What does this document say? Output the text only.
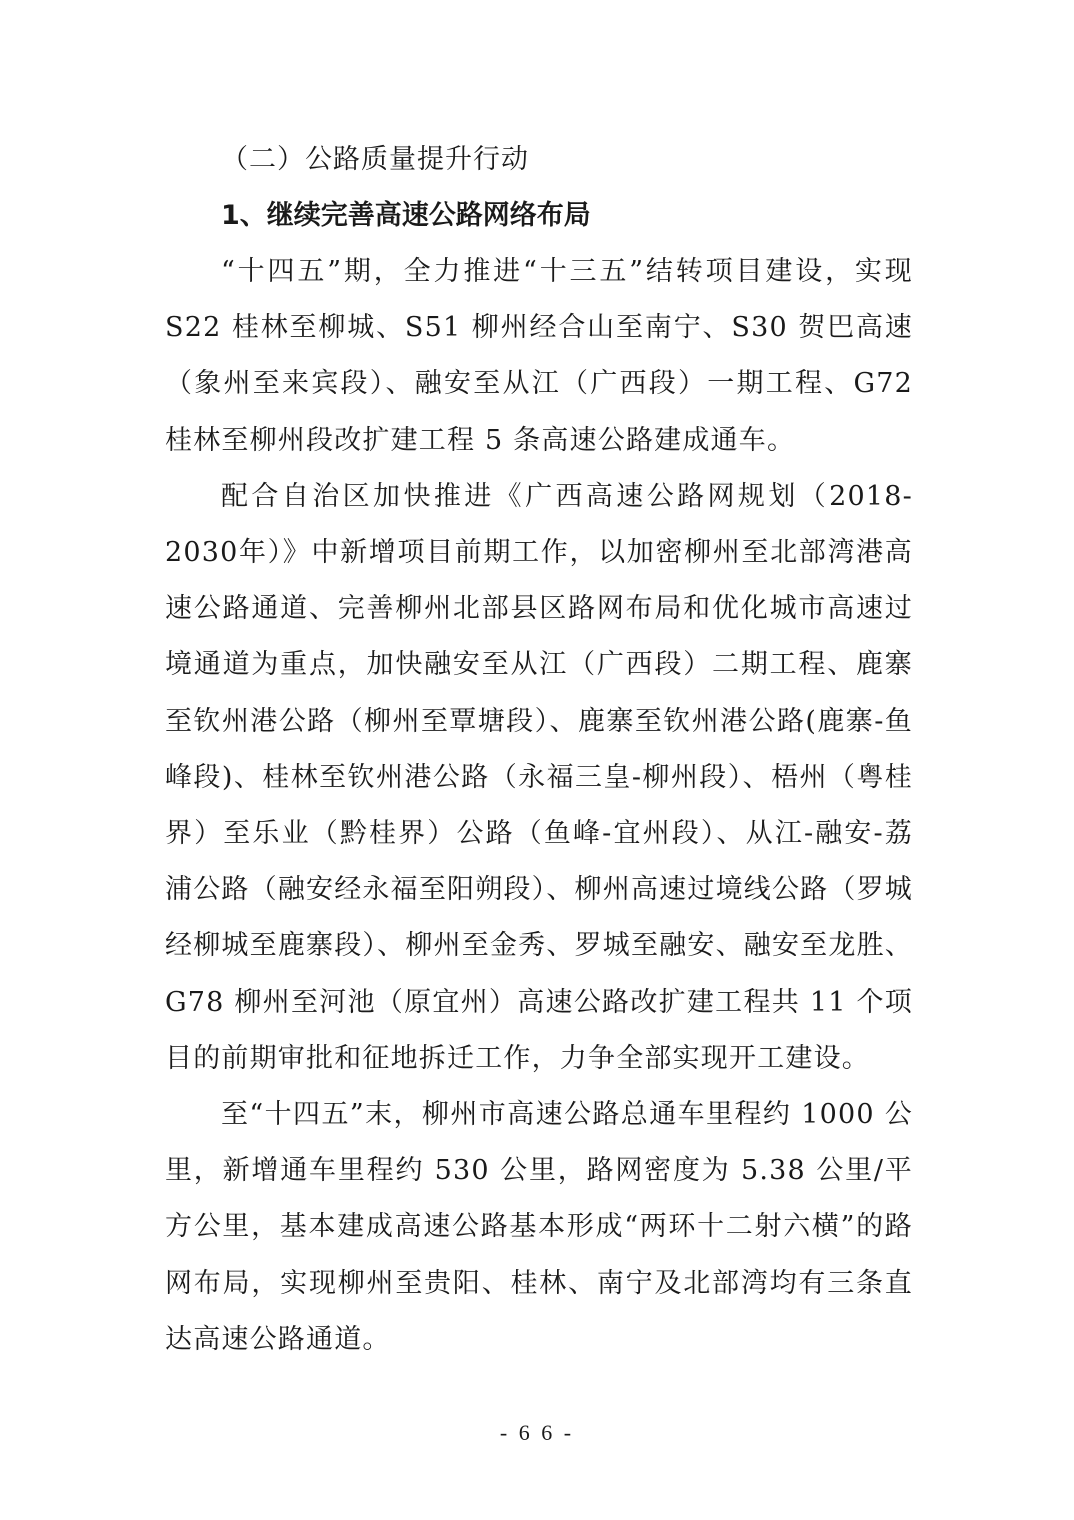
（二）公路质量提升行动

1、继续完善高速公路网络布局

“十四五”期，全力推进“十三五”结转项目建设，实现 S22 桂林至柳城、S51 柳州经合山至南宁、S30 贺巴高速（象州至来宾段）、融安至从江（广西段）一期工程、G72 桂林至柳州段改扩建工程 5 条高速公路建成通车。

配合自治区加快推进《广西高速公路网规划（2018-2030年）》中新增项目前期工作，以加密柳州至北部湾港高速公路通道、完善柳州北部县区路网布局和优化城市高速过境通道为重点，加快融安至从江（广西段）二期工程、鹿寨至钦州港公路（柳州至覃塘段）、鹿寨至钦州港公路(鹿寨-鱼峰段)、桂林至钦州港公路（永福三皇-柳州段）、梧州（粤桂界）至乐业（黔桂界）公路（鱼峰-宜州段）、从江-融安-荔浦公路（融安经永福至阳朔段）、柳州高速过境线公路（罗城经柳城至鹿寨段）、柳州至金秀、罗城至融安、融安至龙胜、G78 柳州至河池（原宜州）高速公路改扩建工程共 11 个项目的前期审批和征地拆迁工作，力争全部实现开工建设。

至“十四五”末，柳州市高速公路总通车里程约 1000 公里，新增通车里程约 530 公里，路网密度为 5.38 公里/平方公里，基本建成高速公路基本形成“两环十二射六横”的路网布局，实现柳州至贵阳、桂林、南宁及北部湾均有三条直达高速公路通道。

- 6 6 -
